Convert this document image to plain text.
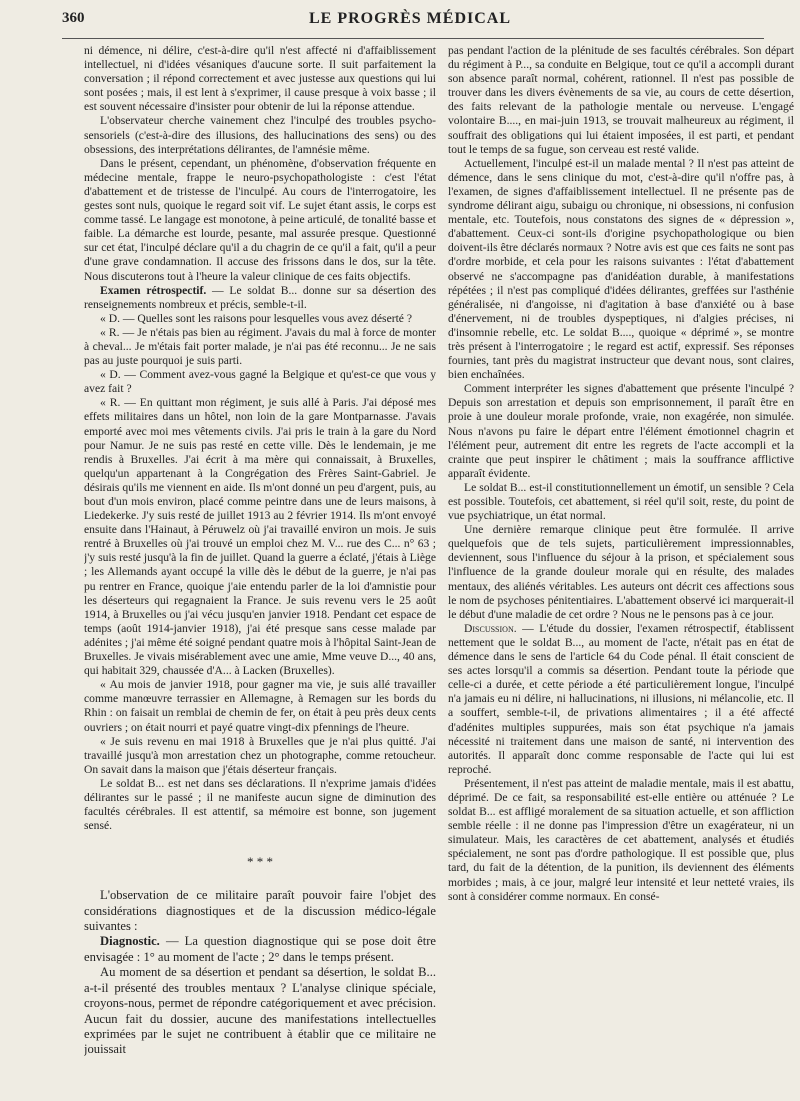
360	LE PROGRÈS MÉDICAL

ni démence, ni délire, c'est-à-dire qu'il n'est affecté ni d'affaiblissement intellectuel, ni d'idées vésaniques d'aucune sorte. Il suit parfaitement la conversation ; il répond correctement et avec justesse aux questions qui lui sont posées ; mais, il est lent à s'exprimer, il cause presque à voix basse ; il est souvent nécessaire d'insister pour obtenir de lui la réponse attendue.

L'observateur cherche vainement chez l'inculpé des troubles psycho-sensoriels (c'est-à-dire des illusions, des hallucinations des sens) ou des obsessions, des interprétations délirantes, de l'amnésie même.

Dans le présent, cependant, un phénomène, d'observation fréquente en médecine mentale, frappe le neuro-psychopathologiste : c'est l'état d'abattement et de tristesse de l'inculpé. Au cours de l'interrogatoire, les gestes sont nuls, quoique le regard soit vif. Le sujet étant assis, le corps est comme tassé. Le langage est monotone, à peine articulé, de tonalité basse et faible. La démarche est lourde, pesante, mal assurée presque. Questionné sur cet état, l'inculpé déclare qu'il a du chagrin de ce qu'il a fait, qu'il a peur d'une grave condamnation. Il accuse des frissons dans le dos, sur la tête. Nous discuterons tout à l'heure la valeur clinique de ces faits objectifs.

Examen rétrospectif. — Le soldat B... donne sur sa désertion des renseignements nombreux et précis, semble-t-il.

« D. — Quelles sont les raisons pour lesquelles vous avez déserté ?

« R. — Je n'étais pas bien au régiment. J'avais du mal à force de monter à cheval... Je m'étais fait porter malade, je n'ai pas été reconnu... Je ne sais pas au juste pourquoi je suis parti.

« D. — Comment avez-vous gagné la Belgique et qu'est-ce que vous y avez fait ?

« R. — En quittant mon régiment, je suis allé à Paris. J'ai déposé mes effets militaires dans un hôtel, non loin de la gare Montparnasse. J'avais emporté avec moi mes vêtements civils. J'ai pris le train à la gare du Nord pour Namur. Je ne suis pas resté en cette ville. Dès le lendemain, je me rendis à Bruxelles. J'ai écrit à ma mère qui connaissait, à Bruxelles, quelqu'un appartenant à la Congrégation des Frères Saint-Gabriel. Je désirais qu'ils me viennent en aide. Ils m'ont donné un peu d'argent, puis, au bout d'un mois environ, placé comme peintre dans une de leurs maisons, à Liedekerke. J'y suis resté de juillet 1913 au 2 février 1914. Ils m'ont envoyé ensuite dans l'Hainaut, à Péruwelz où j'ai travaillé environ un mois. Je suis rentré à Bruxelles où j'ai trouvé un emploi chez M. V... rue des C... n° 63 ; j'y suis resté jusqu'à la fin de juillet. Quand la guerre a éclaté, j'étais à Liège ; les Allemands ayant occupé la ville dès le début de la guerre, je n'ai pas pu rentrer en France, quoique j'aie entendu parler de la loi d'amnistie pour les déserteurs qui regagnaient la France. Je suis revenu vers le 25 août 1914, à Bruxelles ou j'ai vécu jusqu'en janvier 1918. Pendant cet espace de temps (août 1914-janvier 1918), j'ai été presque sans cesse malade par adénites ; j'ai même été soigné pendant quatre mois à l'hôpital Saint-Jean de Bruxelles. Je vivais misérablement avec une amie, Mme veuve D..., 40 ans, qui habitait 329, chaussée d'A... à Lacken (Bruxelles).

« Au mois de janvier 1918, pour gagner ma vie, je suis allé travailler comme manœuvre terrassier en Allemagne, à Remagen sur les bords du Rhin : on faisait un remblai de chemin de fer, on était à peu près deux cents ouvriers ; on était nourri et payé quatre vingt-dix pfennings de l'heure.

« Je suis revenu en mai 1918 à Bruxelles que je n'ai plus quitté. J'ai travaillé jusqu'à mon arrestation chez un photographe, comme retoucheur. On savait dans la maison que j'étais déserteur français.

Le soldat B... est net dans ses déclarations. Il n'exprime jamais d'idées délirantes sur le passé ; il ne manifeste aucun signe de diminution des facultés cérébrales. Il est attentif, sa mémoire est bonne, son jugement sensé.

* * *

L'observation de ce militaire paraît pouvoir faire l'objet des considérations diagnostiques et de la discussion médico-légale suivantes :

Diagnostic. — La question diagnostique qui se pose doit être envisagée : 1° au moment de l'acte ; 2° dans le temps présent.

Au moment de sa désertion et pendant sa désertion, le soldat B... a-t-il présenté des troubles mentaux ? L'analyse clinique spéciale, croyons-nous, permet de répondre catégoriquement et avec précision. Aucun fait du dossier, aucune des manifestations intellectuelles exprimées par le sujet ne contribuent à établir que ce militaire ne jouissait

pas pendant l'action de la plénitude de ses facultés cérébrales. Son départ du régiment à P..., sa conduite en Belgique, tout ce qu'il a accompli durant son absence paraît normal, cohérent, rationnel. Il n'est pas possible de trouver dans les divers évènements de sa vie, au cours de cette désertion, des faits relevant de la pathologie mentale ou nerveuse. L'engagé volontaire B...., en mai-juin 1913, se trouvait malheureux au régiment, il souffrait des obligations qui lui étaient imposées, il est parti, et pendant tout le temps de sa fugue, son cerveau est resté valide.

Actuellement, l'inculpé est-il un malade mental ? Il n'est pas atteint de démence, dans le sens clinique du mot, c'est-à-dire qu'il n'offre pas, à l'examen, de signes d'affaiblissement intellectuel. Il ne présente pas de syndrome délirant aigu, subaigu ou chronique, ni obsessions, ni confusion mentale, etc. Toutefois, nous constatons des signes de « dépression », d'abattement. Ceux-ci sont-ils d'origine psychopathologique ou bien doivent-ils être déclarés normaux ? Notre avis est que ces faits ne sont pas d'ordre morbide, et cela pour les raisons suivantes : l'état d'abattement observé ne s'accompagne pas d'anidéation durable, à manifestations répétées ; il n'est pas compliqué d'idées délirantes, greffées sur l'asthénie généralisée, ni d'angoisse, ni d'agitation à base d'anxiété ou à base d'énervement, ni de troubles dyspeptiques, ni d'algies précises, ni d'insomnie rebelle, etc. Le soldat B...., quoique « déprimé », se montre très présent à l'interrogatoire ; le regard est actif, expressif. Ses réponses fournies, tant près du magistrat instructeur que devant nous, sont claires, bien enchaînées.

Comment interpréter les signes d'abattement que présente l'inculpé ? Depuis son arrestation et depuis son emprisonnement, il paraît être en proie à une douleur morale profonde, vraie, non exagérée, non simulée. Nous n'avons pu faire le départ entre l'élément émotionnel chagrin et l'élément peur, autrement dit entre les regrets de l'acte accompli et la crainte que peut inspirer le châtiment ; mais la souffrance afflictive apparaît évidente.

Le soldat B... est-il constitutionnellement un émotif, un sensible ? Cela est possible. Toutefois, cet abattement, si réel qu'il soit, reste, du point de vue psychiatrique, un état normal.

Une dernière remarque clinique peut être formulée. Il arrive quelquefois que de tels sujets, particulièrement impressionnables, deviennent, sous l'influence du séjour à la prison, et spécialement sous l'influence de la grande douleur morale qui en résulte, des malades mentaux, des aliénés véritables. Les auteurs ont décrit ces affections sous le nom de psychoses pénitentiaires. L'abattement observé ici marquerait-il le début d'une maladie de cet ordre ? Nous ne le pensons pas à ce jour.

Discussion. — L'étude du dossier, l'examen rétrospectif, établissent nettement que le soldat B..., au moment de l'acte, n'était pas en état de démence dans le sens de l'article 64 du Code pénal. Il était conscient de ses actes lorsqu'il a commis sa désertion. Pendant toute la période que celle-ci a durée, et cette période a été particulièrement longue, l'inculpé n'a jamais eu ni délire, ni hallucinations, ni illusions, ni mélancolie, etc. Il a souffert, semble-t-il, de privations alimentaires ; il a été affecté d'adénites multiples suppurées, mais son état psychique n'a jamais nécessité ni traitement dans une maison de santé, ni intervention des autorités. Il apparaît donc comme responsable de l'acte qui lui est reproché.

Présentement, il n'est pas atteint de maladie mentale, mais il est abattu, déprimé. De ce fait, sa responsabilité est-elle entière ou atténuée ? Le soldat B... est affligé moralement de sa situation actuelle, et son affliction semble réelle : il ne donne pas l'impression d'être un exagérateur, ni un simulateur. Mais, les caractères de cet abattement, analysés et étudiés spécialement, ne sont pas d'ordre pathologique. Il est possible que, plus tard, du fait de la détention, de la punition, ils deviennent des éléments morbides ; mais, à ce jour, malgré leur intensité et leur netteté vraies, ils sont à considérer comme normaux. En consé-
